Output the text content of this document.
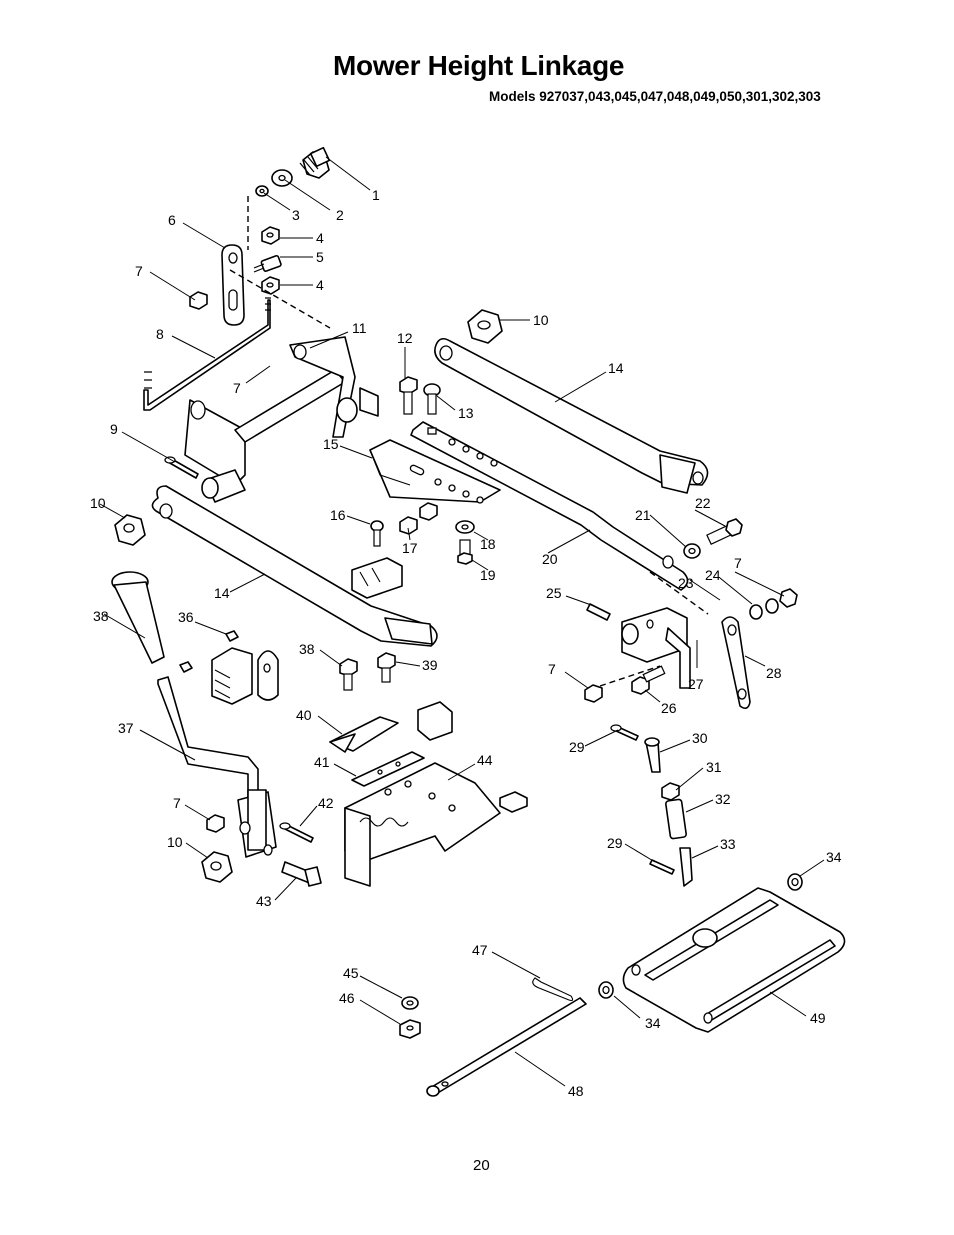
Mower Height Linkage
Models 927037,043,045,047,048,049,050,301,302,303
1
2
3
4
5
4
6
7
8
9
10
11
7
12
13
10
14
15
16
17	18
19
20
21
22
23 24
7
14	25
7
26
27
28
36
38
38
39
37
40
41	44
42
7
10
43
29
30
31
32
29	33
34
47
45
46
34	49
48
20
